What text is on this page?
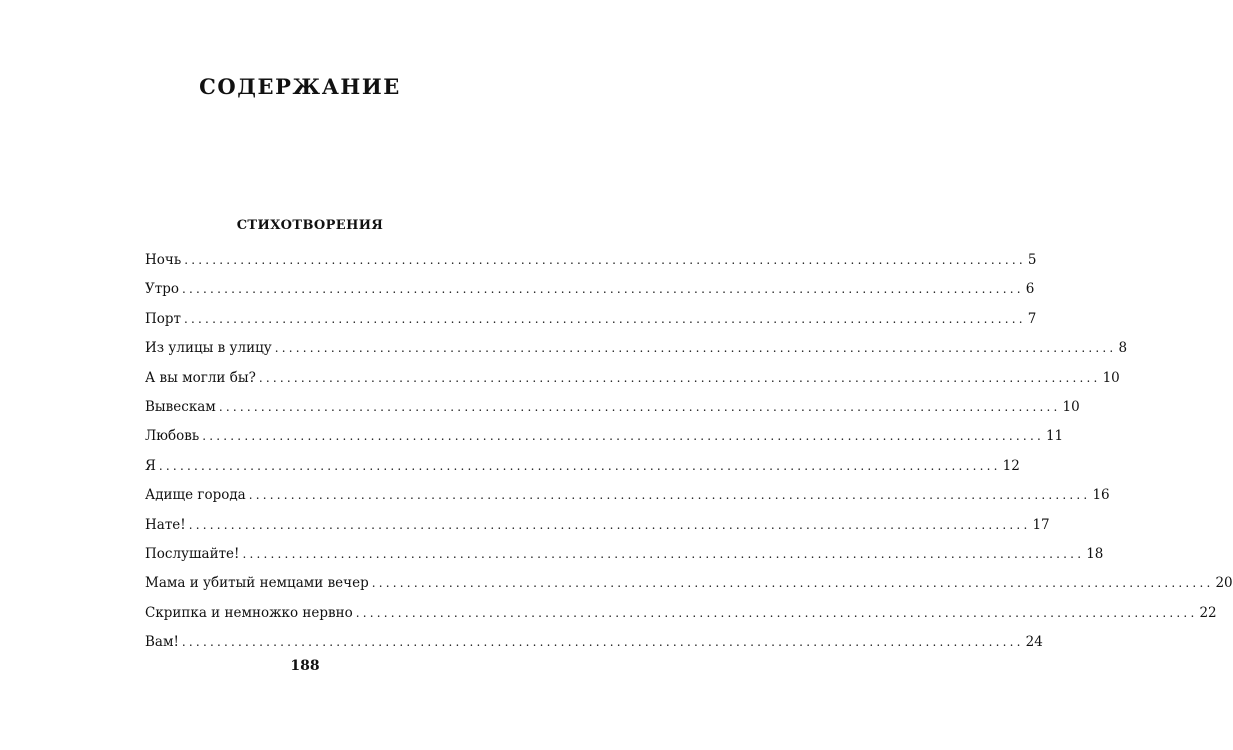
СОДЕРЖАНИЕ
СТИХОТВОРЕНИЯ
Ночь ........................................................................................................................ 5
Утро ........................................................................................................................ 6
Порт ........................................................................................................................ 7
Из улицы в улицу ........................................................................................................................ 8
А вы могли бы? ........................................................................................................................ 10
Вывескам ........................................................................................................................ 10
Любовь ........................................................................................................................ 11
Я ........................................................................................................................ 12
Адище города ........................................................................................................................ 16
Нате! ........................................................................................................................ 17
Послушайте! ........................................................................................................................ 18
Мама и убитый немцами вечер ........................................................................................................................ 20
Скрипка и немножко нервно ........................................................................................................................ 22
Вам! ........................................................................................................................ 24
188
